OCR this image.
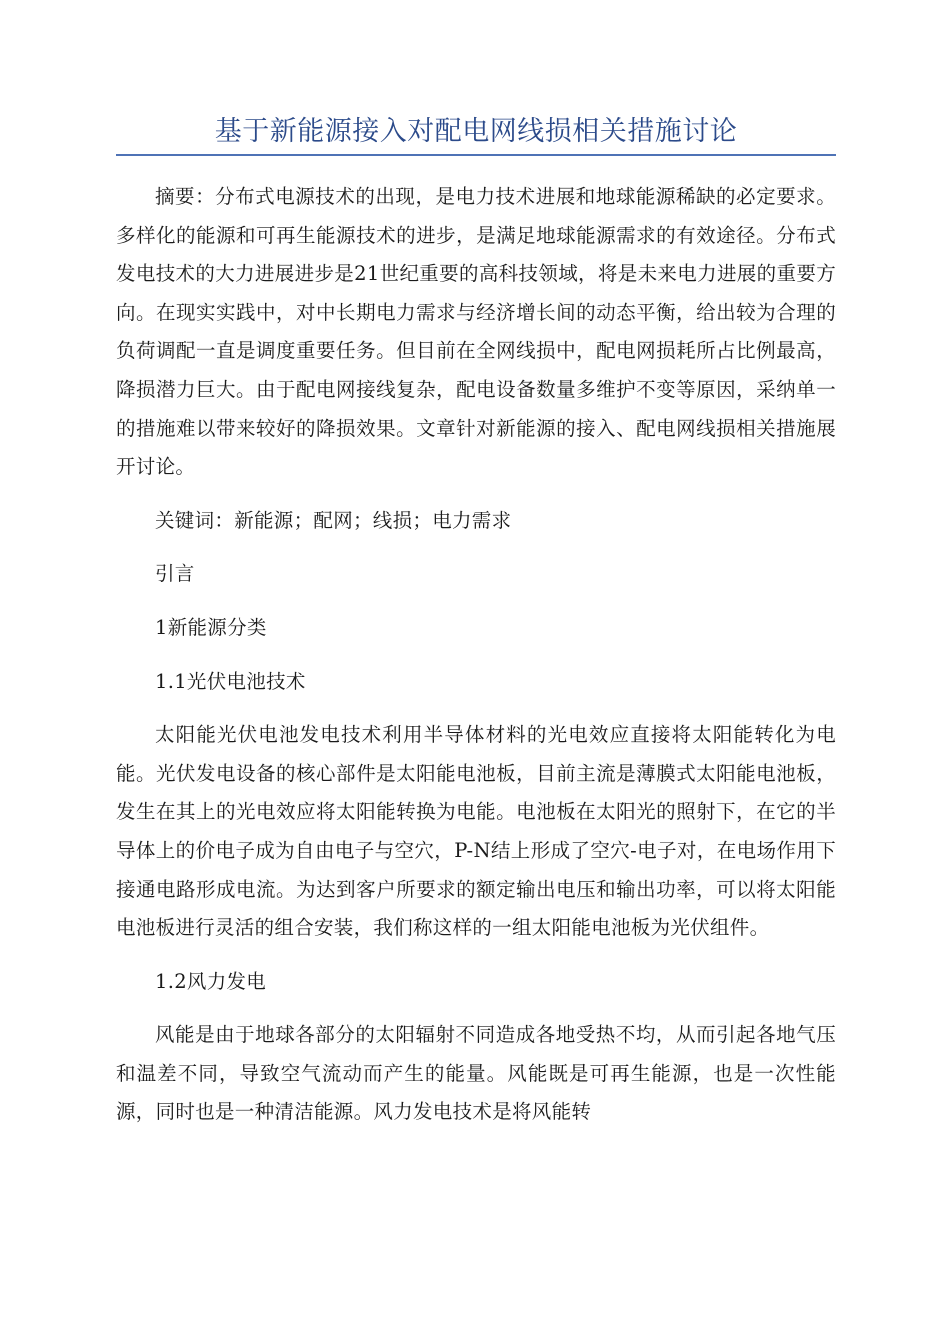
基于新能源接入对配电网线损相关措施讨论

摘要：分布式电源技术的出现，是电力技术进展和地球能源稀缺的必定要求。多样化的能源和可再生能源技术的进步，是满足地球能源需求的有效途径。分布式发电技术的大力进展进步是21世纪重要的高科技领域，将是未来电力进展的重要方向。在现实实践中，对中长期电力需求与经济增长间的动态平衡，给出较为合理的负荷调配一直是调度重要任务。但目前在全网线损中，配电网损耗所占比例最高，降损潜力巨大。由于配电网接线复杂，配电设备数量多维护不变等原因，采纳单一的措施难以带来较好的降损效果。文章针对新能源的接入、配电网线损相关措施展开讨论。

关键词：新能源；配网；线损；电力需求

引言

1新能源分类

1.1光伏电池技术

太阳能光伏电池发电技术利用半导体材料的光电效应直接将太阳能转化为电能。光伏发电设备的核心部件是太阳能电池板，目前主流是薄膜式太阳能电池板，发生在其上的光电效应将太阳能转换为电能。电池板在太阳光的照射下，在它的半导体上的价电子成为自由电子与空穴，P-N结上形成了空穴-电子对，在电场作用下接通电路形成电流。为达到客户所要求的额定输出电压和输出功率，可以将太阳能电池板进行灵活的组合安装，我们称这样的一组太阳能电池板为光伏组件。

1.2风力发电

风能是由于地球各部分的太阳辐射不同造成各地受热不均，从而引起各地气压和温差不同，导致空气流动而产生的能量。风能既是可再生能源，也是一次性能源，同时也是一种清洁能源。风力发电技术是将风能转
